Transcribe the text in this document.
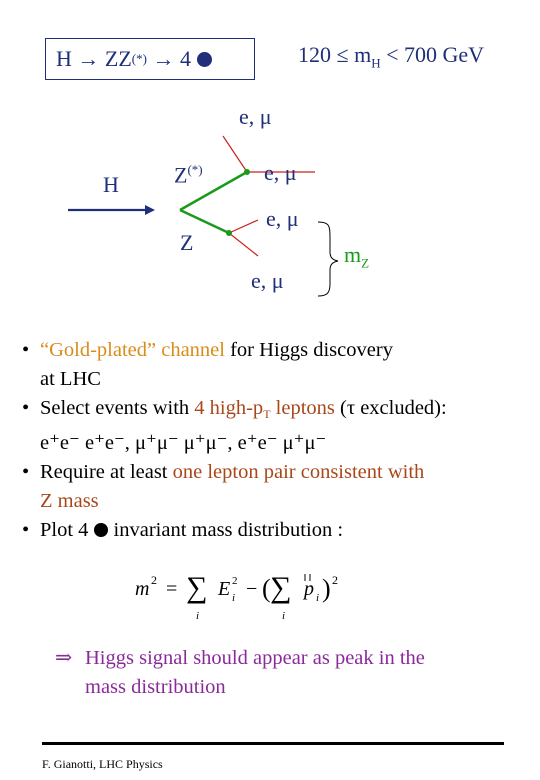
H → ZZ (*)
→ 4	$120 \le m_H < 700$ GeV
H	Z(*)
Z
e, μ
e, μ
e, μ
e, μ
$m_Z$
• “Gold-plated” channel for Higgs discovery
at LHC
• Select events with 4 high-$p_T$ leptons (τ excluded):
e⁺e⁻ e⁺e⁻, μ⁺μ⁻ μ⁺μ⁻, e⁺e⁻ μ⁺μ⁻
• Require at least one lepton pair consistent with
Z mass
• Plot 4 invariant mass distribution :
m 2 = ∑
i
E i
2 − ( ∑
i
p i ) 2
⇒ Higgs signal should appear as peak in the
mass distribution
F. Gianotti, LHC Physics
